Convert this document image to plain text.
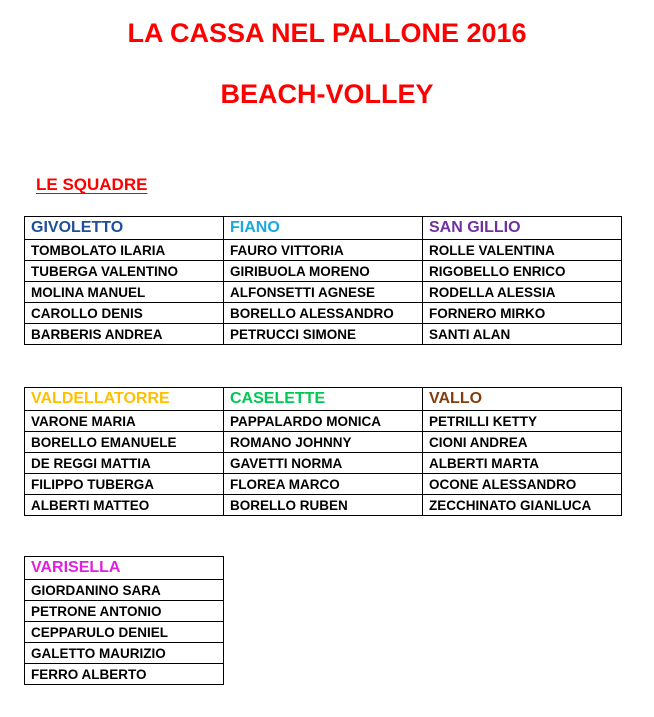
LA CASSA NEL PALLONE 2016
BEACH-VOLLEY
LE SQUADRE
GIVOLETTO	FIANO	SAN GILLIO
TOMBOLATO ILARIA	FAURO VITTORIA	ROLLE VALENTINA
TUBERGA VALENTINO	GIRIBUOLA MORENO	RIGOBELLO ENRICO
MOLINA MANUEL	ALFONSETTI AGNESE	RODELLA ALESSIA
CAROLLO DENIS	BORELLO ALESSANDRO	FORNERO MIRKO
BARBERIS ANDREA	PETRUCCI SIMONE	SANTI ALAN
VALDELLATORRE	CASELETTE	VALLO
VARONE MARIA	PAPPALARDO MONICA	PETRILLI KETTY
BORELLO EMANUELE	ROMANO JOHNNY	CIONI ANDREA
DE REGGI MATTIA	GAVETTI NORMA	ALBERTI MARTA
FILIPPO TUBERGA	FLOREA MARCO	OCONE ALESSANDRO
ALBERTI MATTEO	BORELLO RUBEN	ZECCHINATO GIANLUCA
VARISELLA
GIORDANINO SARA
PETRONE ANTONIO
CEPPARULO DENIEL
GALETTO MAURIZIO
FERRO ALBERTO
